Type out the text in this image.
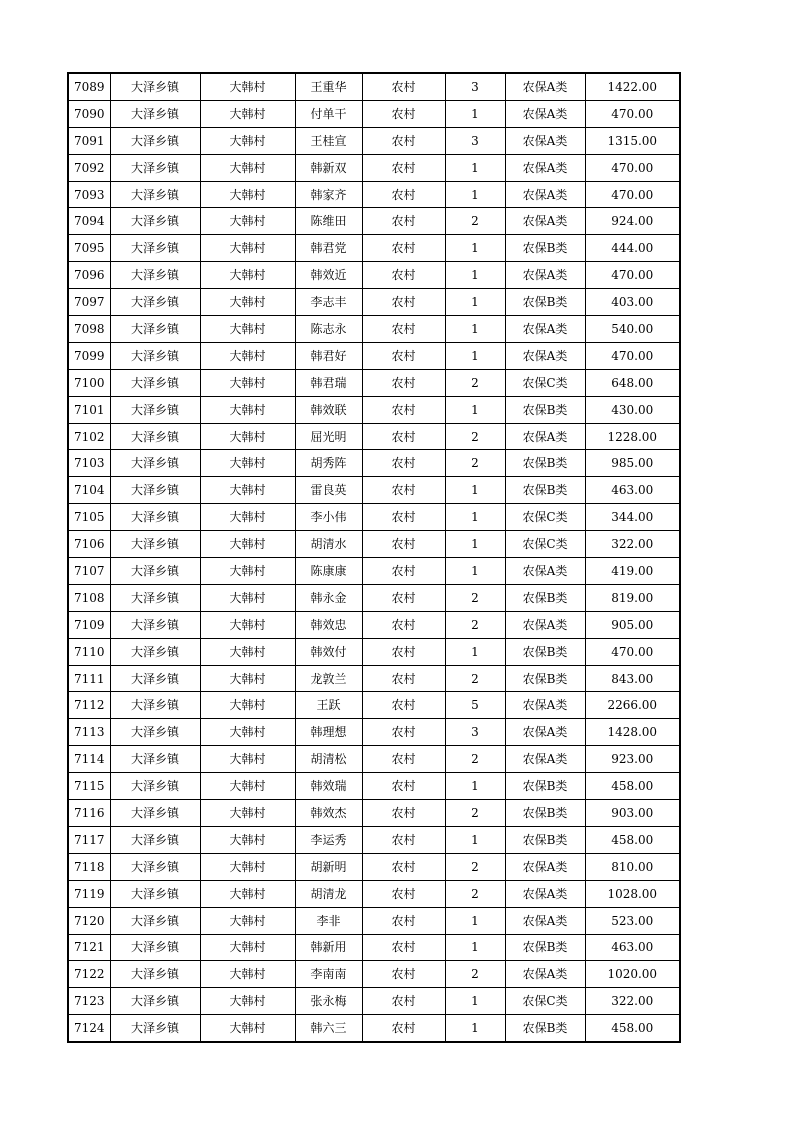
7089	大泽乡镇	大韩村	王重华	农村	3	农保A类	1422.00
7090	大泽乡镇	大韩村	付单干	农村	1	农保A类	470.00
7091	大泽乡镇	大韩村	王桂宣	农村	3	农保A类	1315.00
7092	大泽乡镇	大韩村	韩新双	农村	1	农保A类	470.00
7093	大泽乡镇	大韩村	韩家齐	农村	1	农保A类	470.00
7094	大泽乡镇	大韩村	陈维田	农村	2	农保A类	924.00
7095	大泽乡镇	大韩村	韩君党	农村	1	农保B类	444.00
7096	大泽乡镇	大韩村	韩效近	农村	1	农保A类	470.00
7097	大泽乡镇	大韩村	李志丰	农村	1	农保B类	403.00
7098	大泽乡镇	大韩村	陈志永	农村	1	农保A类	540.00
7099	大泽乡镇	大韩村	韩君好	农村	1	农保A类	470.00
7100	大泽乡镇	大韩村	韩君瑞	农村	2	农保C类	648.00
7101	大泽乡镇	大韩村	韩效联	农村	1	农保B类	430.00
7102	大泽乡镇	大韩村	屈光明	农村	2	农保A类	1228.00
7103	大泽乡镇	大韩村	胡秀阵	农村	2	农保B类	985.00
7104	大泽乡镇	大韩村	雷良英	农村	1	农保B类	463.00
7105	大泽乡镇	大韩村	李小伟	农村	1	农保C类	344.00
7106	大泽乡镇	大韩村	胡清水	农村	1	农保C类	322.00
7107	大泽乡镇	大韩村	陈康康	农村	1	农保A类	419.00
7108	大泽乡镇	大韩村	韩永金	农村	2	农保B类	819.00
7109	大泽乡镇	大韩村	韩效忠	农村	2	农保A类	905.00
7110	大泽乡镇	大韩村	韩效付	农村	1	农保B类	470.00
7111	大泽乡镇	大韩村	龙敦兰	农村	2	农保B类	843.00
7112	大泽乡镇	大韩村	王跃	农村	5	农保A类	2266.00
7113	大泽乡镇	大韩村	韩理想	农村	3	农保A类	1428.00
7114	大泽乡镇	大韩村	胡清松	农村	2	农保A类	923.00
7115	大泽乡镇	大韩村	韩效瑞	农村	1	农保B类	458.00
7116	大泽乡镇	大韩村	韩效杰	农村	2	农保B类	903.00
7117	大泽乡镇	大韩村	李运秀	农村	1	农保B类	458.00
7118	大泽乡镇	大韩村	胡新明	农村	2	农保A类	810.00
7119	大泽乡镇	大韩村	胡清龙	农村	2	农保A类	1028.00
7120	大泽乡镇	大韩村	李非	农村	1	农保A类	523.00
7121	大泽乡镇	大韩村	韩新用	农村	1	农保B类	463.00
7122	大泽乡镇	大韩村	李南南	农村	2	农保A类	1020.00
7123	大泽乡镇	大韩村	张永梅	农村	1	农保C类	322.00
7124	大泽乡镇	大韩村	韩六三	农村	1	农保B类	458.00
